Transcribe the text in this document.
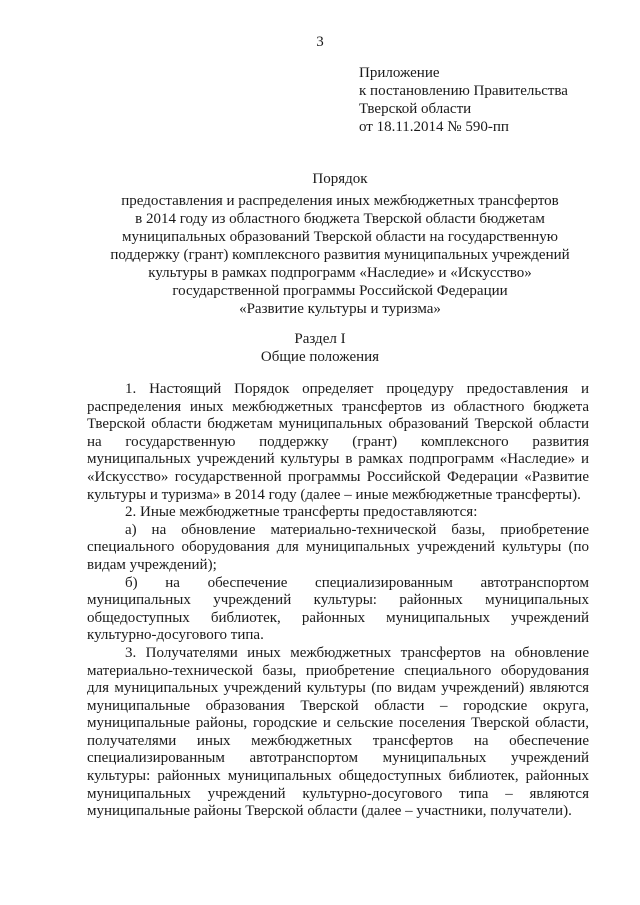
3
Приложение
к постановлению Правительства
Тверской области
от 18.11.2014 № 590-пп
Порядок
предоставления и распределения иных межбюджетных трансфертов
в 2014 году из областного бюджета Тверской области бюджетам
муниципальных образований Тверской области на государственную
поддержку (грант) комплексного развития муниципальных учреждений
культуры в рамках подпрограмм «Наследие» и «Искусство»
государственной программы Российской Федерации
«Развитие культуры и туризма»
Раздел I
Общие положения

1. Настоящий Порядок определяет процедуру предоставления и распределения иных межбюджетных трансфертов из областного бюджета Тверской области бюджетам муниципальных образований Тверской области на государственную поддержку (грант) комплексного развития муниципальных учреждений культуры в рамках подпрограмм «Наследие» и «Искусство» государственной программы Российской Федерации «Развитие культуры и туризма» в 2014 году (далее – иные межбюджетные трансферты).

2. Иные межбюджетные трансферты предоставляются:

а) на обновление материально-технической базы, приобретение специального оборудования для муниципальных учреждений культуры (по видам учреждений);

б) на обеспечение специализированным автотранспортом муниципальных учреждений культуры: районных муниципальных общедоступных библиотек, районных муниципальных учреждений культурно-досугового типа.

3. Получателями иных межбюджетных трансфертов на обновление материально-технической базы, приобретение специального оборудования для муниципальных учреждений культуры (по видам учреждений) являются муниципальные образования Тверской области – городские округа, муниципальные районы, городские и сельские поселения Тверской области, получателями иных межбюджетных трансфертов на обеспечение специализированным автотранспортом муниципальных учреждений культуры: районных муниципальных общедоступных библиотек, районных муниципальных учреждений культурно-досугового типа – являются муниципальные районы Тверской области (далее – участники, получатели).
